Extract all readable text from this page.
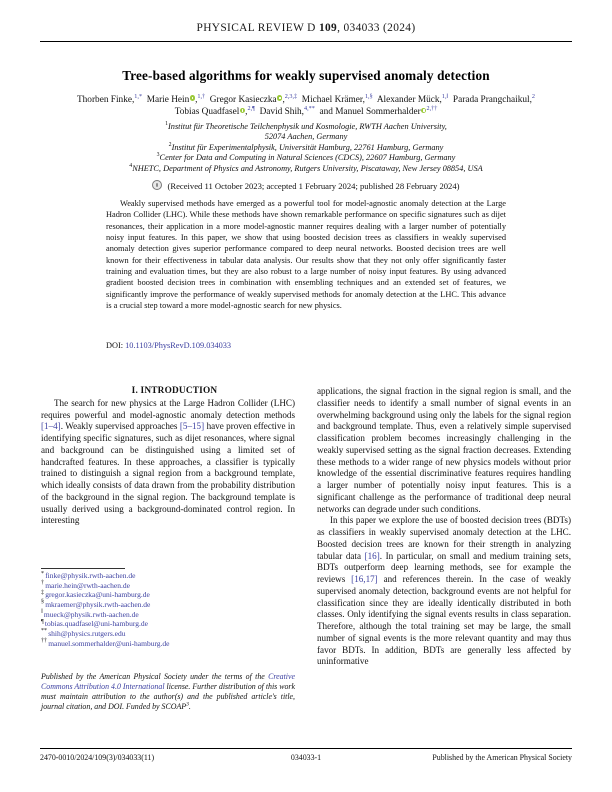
PHYSICAL REVIEW D 109, 034033 (2024)
Tree-based algorithms for weakly supervised anomaly detection
Thorben Finke,$^{1,*}$ Marie Hein ,$^{1,\dagger}$ Gregor Kasieczka ,$^{2,3,\ddagger}$ Michael Krämer,$^{1,\S}$ Alexander Mück,$^{1,‖}$ Parada Prangchaikul,$^2$
Tobias Quadfasel ,$^{2,\P}$ David Shih,$^{4,**}$ and Manuel Sommerhalder $^{2,\dagger\dagger}$
$^1$Institut für Theoretische Teilchenphysik und Kosmologie, RWTH Aachen University,
52074 Aachen, Germany
$^2$Institut für Experimentalphysik, Universität Hamburg, 22761 Hamburg, Germany
$^3$Center for Data and Computing in Natural Sciences (CDCS), 22607 Hamburg, Germany
$^4$NHETC, Department of Physics and Astronomy, Rutgers University, Piscataway, New Jersey 08854, USA
(Received 11 October 2023; accepted 1 February 2024; published 28 February 2024)

Weakly supervised methods have emerged as a powerful tool for model-agnostic anomaly detection at the Large Hadron Collider (LHC). While these methods have shown remarkable performance on specific signatures such as dijet resonances, their application in a more model-agnostic manner requires dealing with a larger number of potentially noisy input features. In this paper, we show that using boosted decision trees as classifiers in weakly supervised anomaly detection gives superior performance compared to deep neural networks. Boosted decision trees are well known for their effectiveness in tabular data analysis. Our results show that they not only offer significantly faster training and evaluation times, but they are also robust to a large number of noisy input features. By using advanced gradient boosted decision trees in combination with ensembling techniques and an extended set of features, we significantly improve the performance of weakly supervised methods for anomaly detection at the LHC. This advance is a crucial step toward a more model-agnostic search for new physics.

DOI: 10.1103/PhysRevD.109.034033

I. INTRODUCTION

The search for new physics at the Large Hadron Collider (LHC) requires powerful and model-agnostic anomaly detection methods [1–4]. Weakly supervised approaches [5–15] have proven effective in identifying specific signatures, such as dijet resonances, where signal and background can be distinguished using a limited set of handcrafted features. In these approaches, a classifier is typically trained to distinguish a signal region from a background template, which ideally consists of data drawn from the probability distribution of the background in the signal region. The background template is usually derived using a background-dominated control region. In interesting

applications, the signal fraction in the signal region is small, and the classifier needs to identify a small number of signal events in an overwhelming background using only the labels for the signal region and background template. Thus, even a relatively simple supervised classification problem becomes increasingly challenging in the weakly supervised setting as the signal fraction decreases. Extending these methods to a wider range of new physics models without prior knowledge of the essential discriminative features requires handling a larger number of potentially noisy input features. This is a significant challenge as the performance of traditional deep neural networks can degrade under such conditions.

In this paper we explore the use of boosted decision trees (BDTs) as classifiers in weakly supervised anomaly detection at the LHC. Boosted decision trees are known for their strength in analyzing tabular data [16]. In particular, on small and medium training sets, BDTs outperform deep learning methods, see for example the reviews [16,17] and references therein. In the case of weakly supervised anomaly detection, background events are not helpful for classification since they are ideally identically distributed in both classes. Only identifying the signal events results in class separation. Therefore, although the total training set may be large, the small number of signal events is the more relevant quantity and may thus favor BDTs. In addition, BDTs are generally less affected by uninformative

*finke@physik.rwth-aachen.de
†marie.hein@rwth-aachen.de
‡gregor.kasieczka@uni-hamburg.de
§mkraemer@physik.rwth-aachen.de
‖mueck@physik.rwth-aachen.de
¶tobias.quadfasel@uni-hamburg.de
**shih@physics.rutgers.edu
††manuel.sommerhalder@uni-hamburg.de
Published by the American Physical Society under the terms of the Creative Commons Attribution 4.0 International license. Further distribution of this work must maintain attribution to the author(s) and the published article's title, journal citation, and DOI. Funded by SCOAP$^3$.
2470-0010/2024/109(3)/034033(11)	034033-1	Published by the American Physical Society
